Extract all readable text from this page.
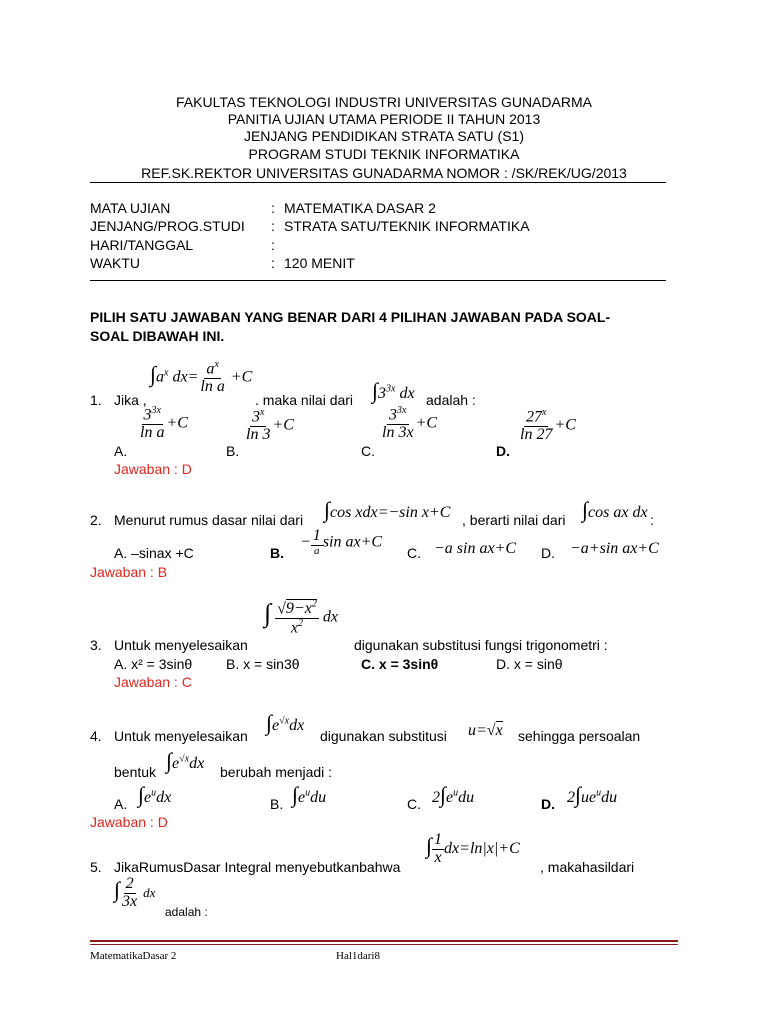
FAKULTAS TEKNOLOGI INDUSTRI UNIVERSITAS GUNADARMA
PANITIA UJIAN UTAMA PERIODE II TAHUN 2013
JENJANG PENDIDIKAN STRATA SATU (S1)
PROGRAM STUDI TEKNIK INFORMATIKA
REF.SK.REKTOR UNIVERSITAS GUNADARMA NOMOR : /SK/REK/UG/2013
MATA UJIAN	: MATEMATIKA DASAR 2
JENJANG/PROG.STUDI : STRATA SATU/TEKNIK INFORMATIKA
HARI/TANGGAL	:
WAKTU	: 120 MENIT
PILIH SATU JAWABAN YANG BENAR DARI 4 PILIHAN JAWABAN PADA SOAL-
SOAL DIBAWAH INI.
1. Jika ,
$\int a^x$ $dx= \frac{a^x}{\text{ln a}} +C$
. maka nilai dari $\int 3^{3x}$ dx adalah :
A.
$\frac{3^{3x}}{\text{ln a}} +C$
B.
$\frac{3^x}{\ln 3} +C$
C.
$\frac{3^{3x}}{\ln 3x} +C$
D.
$\frac{27^x}{\ln 27} +C$
Jawaban : D
2. Menurut rumus dasar nilai dari ∫cos xdx=−sin x+C , berarti nilai dari ∫cos ax dx :
A. –sinax +C	B.
− $\frac{1}{a}$ sin ax+C
C. −a sin ax+C D. −a+sin ax+C
Jawaban : B
3. Untuk menyelesaikan
∫ $\frac{√9-x^2}{x^2}$ dx
digunakan substitusi fungsi trigonometri :
A. x² = 3sinθ B. x = sin3θ	C. x = 3sinθ	D. x = sinθ
Jawaban : C
4. Untuk menyelesaikan
$\int e^{√x}dx$
digunakan substitusi u=√x sehingga persoalan
bentuk $\int e^{√x}dx$ berubah menjadi :
A. $\int e^udx$	B. $\int e^udu$	C. $2\int e^udu$	D. $2\int ue^udu$
Jawaban : D
5. JikaRumusDasar Integral menyebutkanbahwa
∫ $\frac{1}{x} dx=\ln|x|+C$
, makahasildari
∫ $\frac{2}{3x}$ dx
adalah :
MatematikaDasar 2	Hal1dari8
